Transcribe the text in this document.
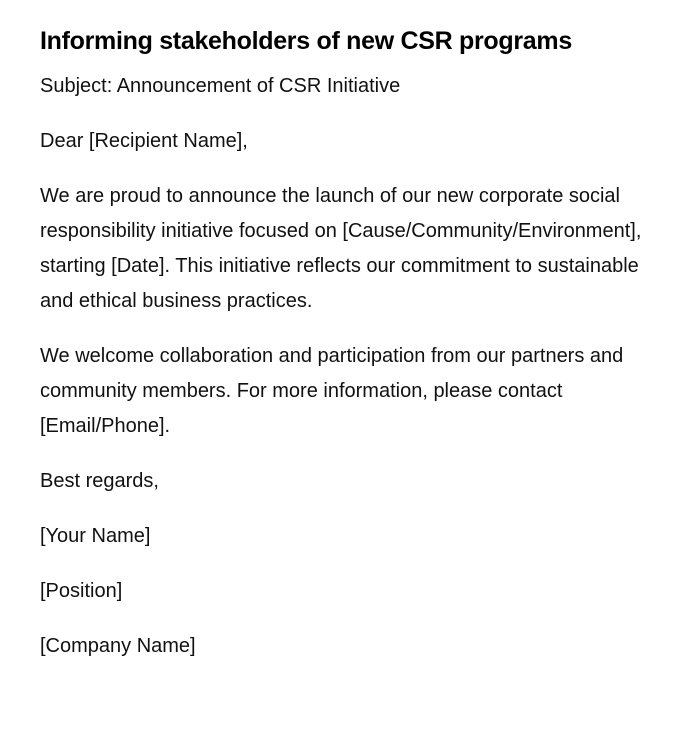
Informing stakeholders of new CSR programs

Subject: Announcement of CSR Initiative

Dear [Recipient Name],

We are proud to announce the launch of our new corporate social responsibility initiative focused on [Cause/Community/Environment], starting [Date]. This initiative reflects our commitment to sustainable and ethical business practices.

We welcome collaboration and participation from our partners and community members. For more information, please contact [Email/Phone].

Best regards,

[Your Name]

[Position]

[Company Name]
